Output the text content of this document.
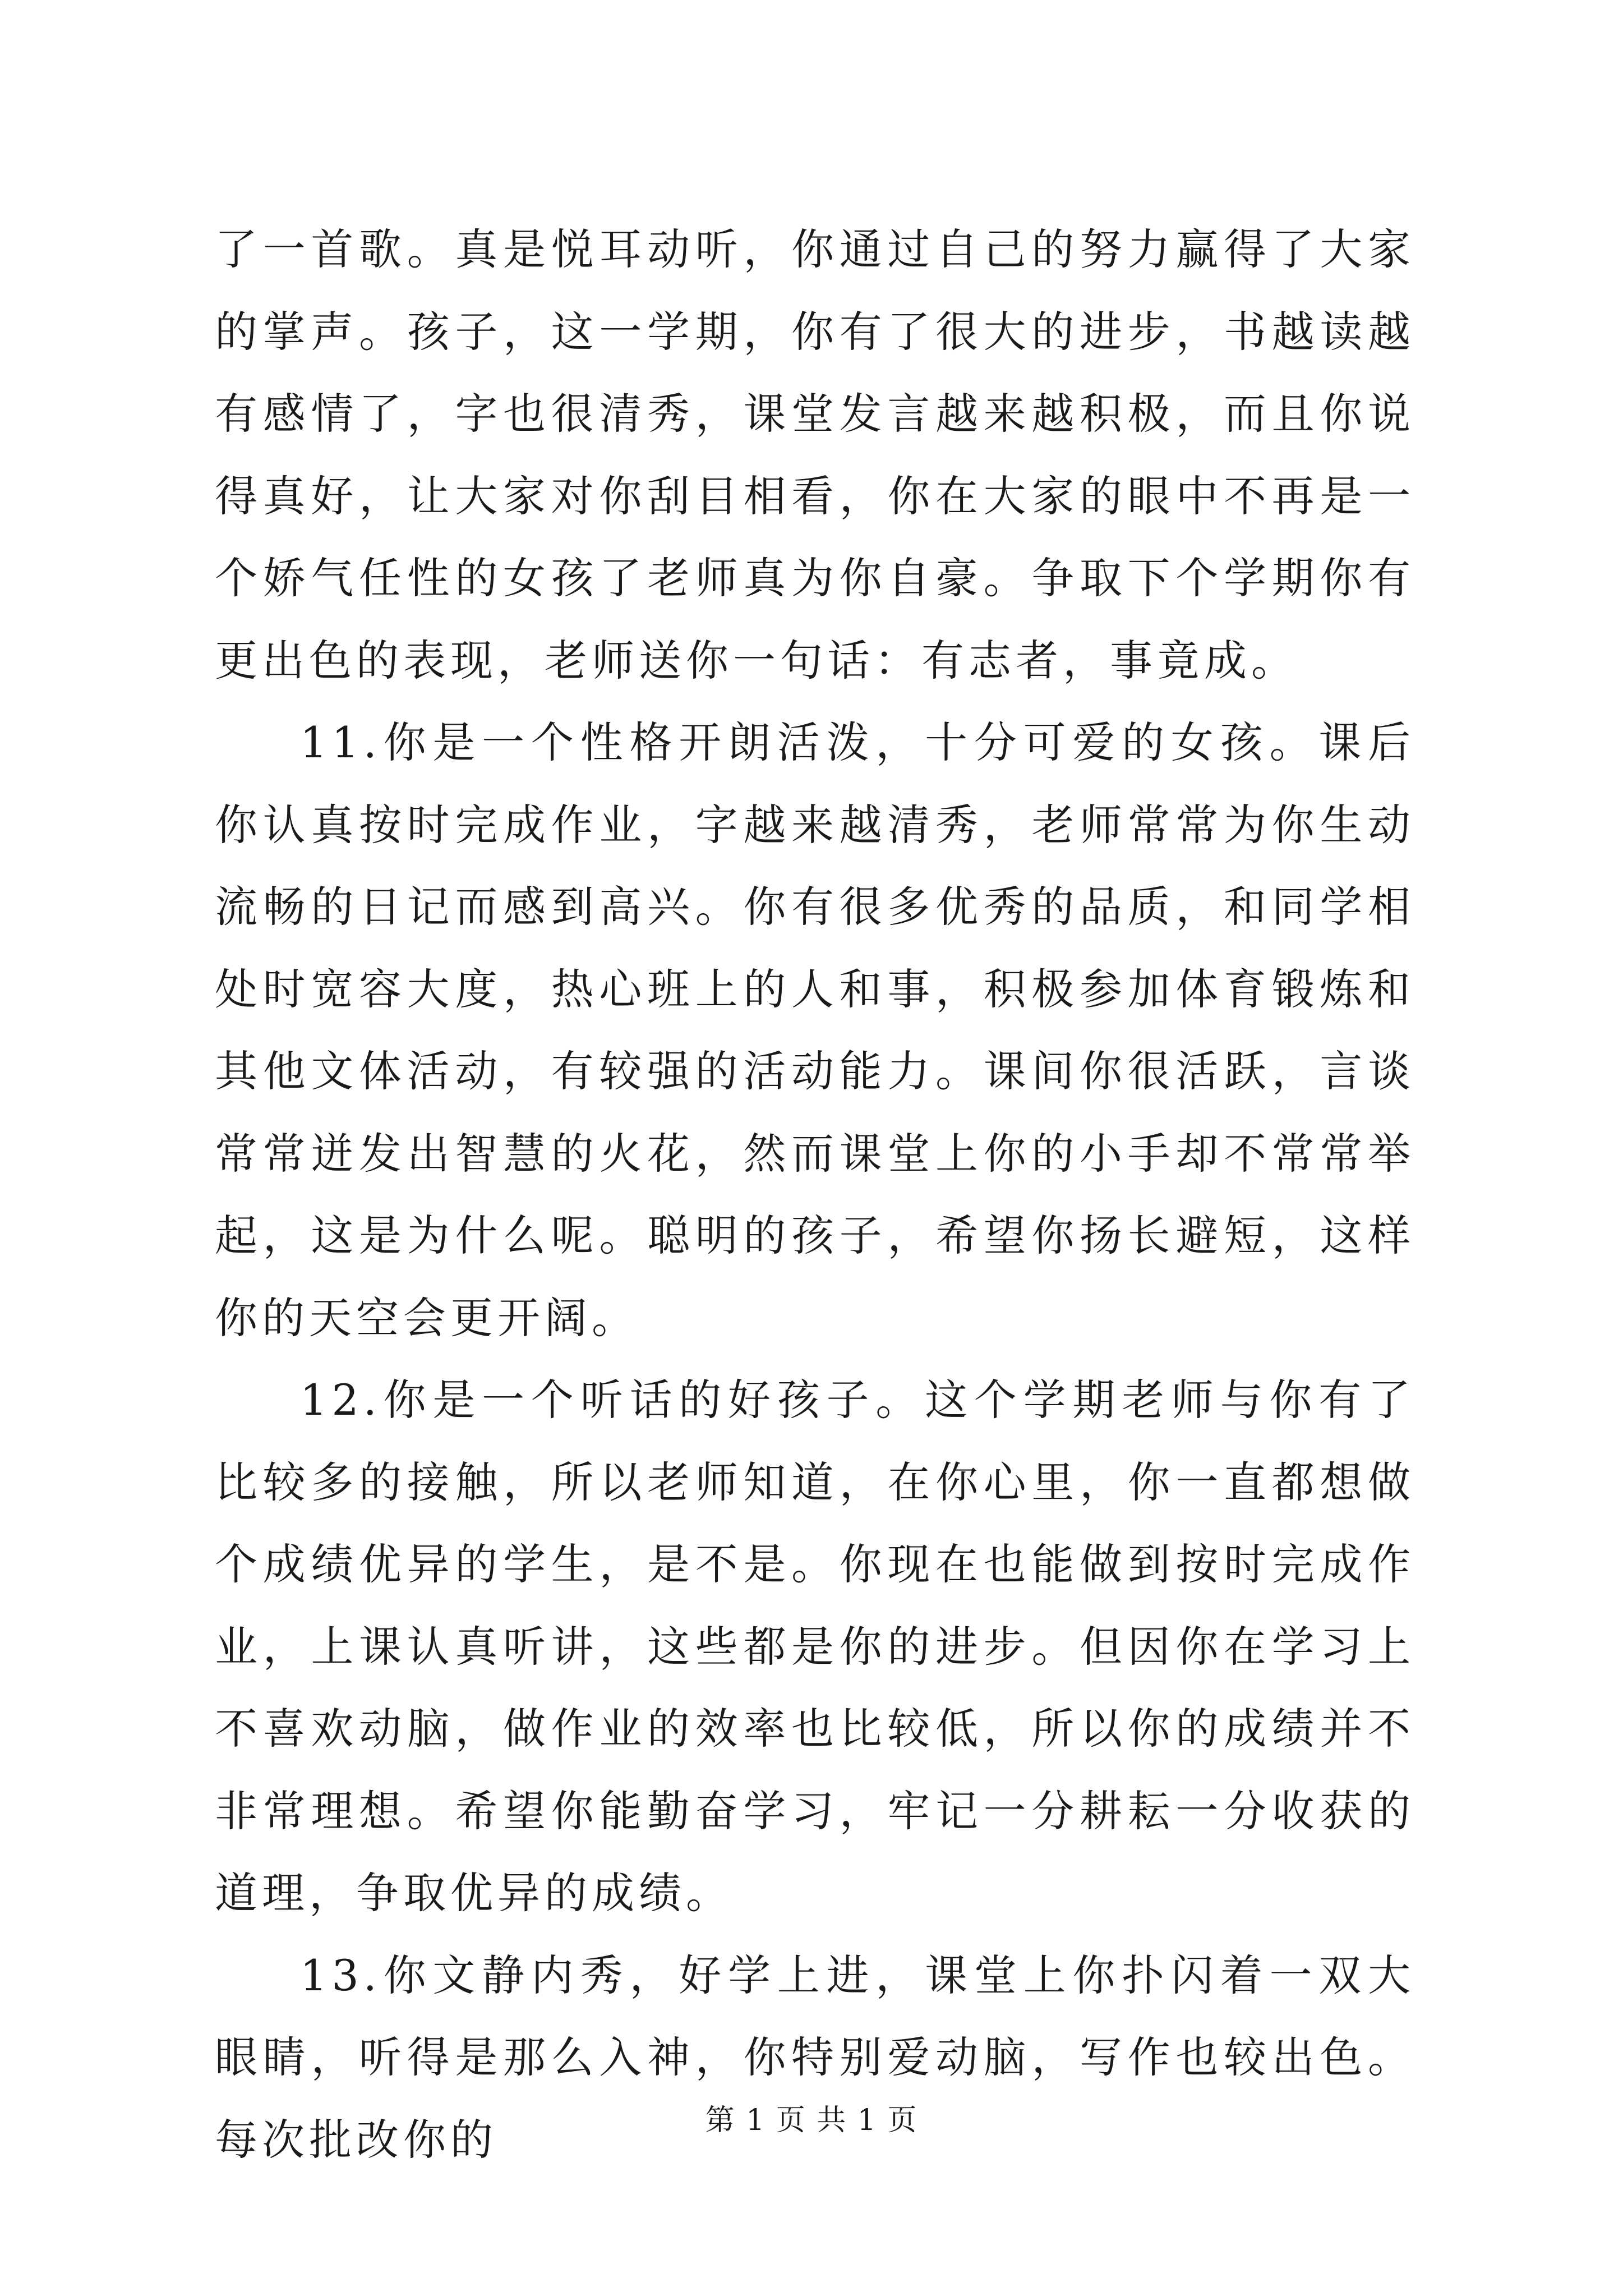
了一首歌。真是悦耳动听，你通过自己的努力赢得了大家的掌声。孩子，这一学期，你有了很大的进步，书越读越有感情了，字也很清秀，课堂发言越来越积极，而且你说得真好，让大家对你刮目相看，你在大家的眼中不再是一个娇气任性的女孩了老师真为你自豪。争取下个学期你有更出色的表现，老师送你一句话：有志者，事竟成。

11.你是一个性格开朗活泼，十分可爱的女孩。课后你认真按时完成作业，字越来越清秀，老师常常为你生动流畅的日记而感到高兴。你有很多优秀的品质，和同学相处时宽容大度，热心班上的人和事，积极参加体育锻炼和其他文体活动，有较强的活动能力。课间你很活跃，言谈常常迸发出智慧的火花，然而课堂上你的小手却不常常举起，这是为什么呢。聪明的孩子，希望你扬长避短，这样你的天空会更开阔。

12.你是一个听话的好孩子。这个学期老师与你有了比较多的接触，所以老师知道，在你心里，你一直都想做个成绩优异的学生，是不是。你现在也能做到按时完成作业，上课认真听讲，这些都是你的进步。但因你在学习上不喜欢动脑，做作业的效率也比较低，所以你的成绩并不非常理想。希望你能勤奋学习，牢记一分耕耘一分收获的道理，争取优异的成绩。

13.你文静内秀，好学上进，课堂上你扑闪着一双大眼睛，听得是那么入神，你特别爱动脑，写作也较出色。每次批改你的	第 1 页 共 1 页
